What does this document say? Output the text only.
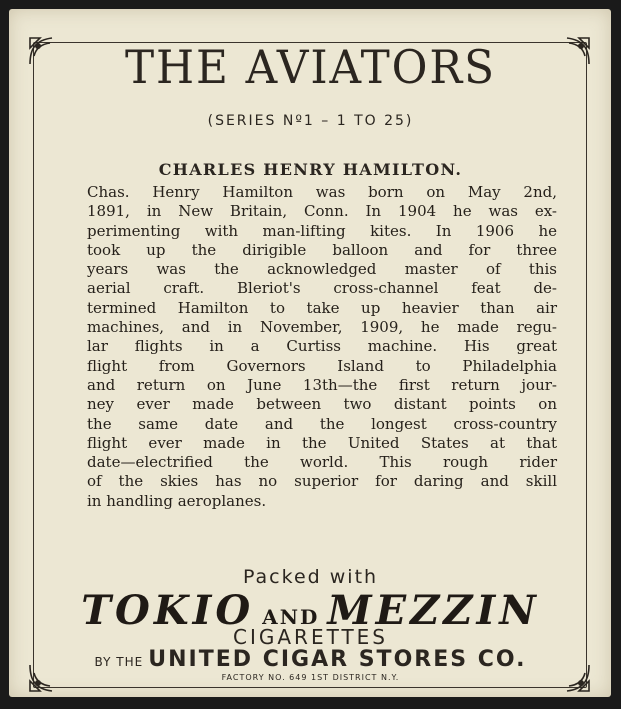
THE AVIATORS
(SERIES Nº1 – 1 TO 25)
CHARLES HENRY HAMILTON.
Chas. Henry Hamilton was born on May 2nd,
1891, in New Britain, Conn. In 1904 he was ex-
perimenting with man-lifting kites. In 1906 he
took up the dirigible balloon and for three
years was the acknowledged master of this
aerial craft. Bleriot's cross-channel feat de-
termined Hamilton to take up heavier than air
machines, and in November, 1909, he made regu-
lar flights in a Curtiss machine. His great
flight from Governors Island to Philadelphia
and return on June 13th—the first return jour-
ney ever made between two distant points on
the same date and the longest cross-country
flight ever made in the United States at that
date—electrified the world. This rough rider
of the skies has no superior for daring and skill
in handling aeroplanes.
Packed with
TOKIO AND MEZZIN
CIGARETTES
BY THE UNITED CIGAR STORES CO.
FACTORY NO. 649 1ST DISTRICT N.Y.
